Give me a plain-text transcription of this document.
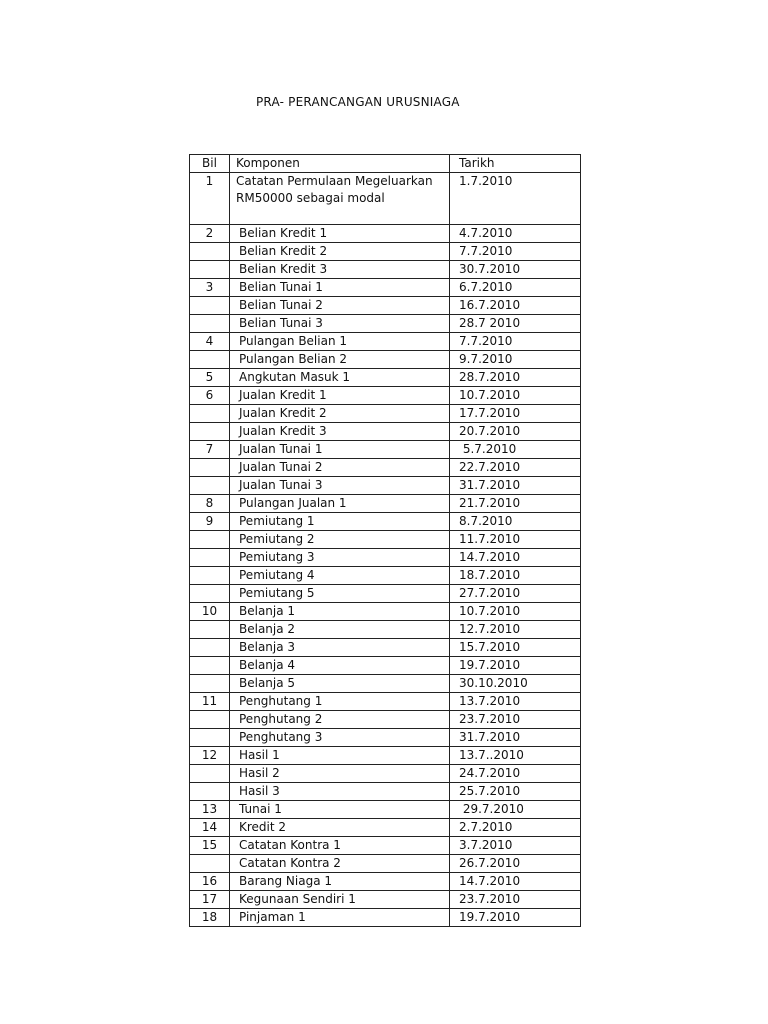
PRA- PERANCANGAN URUSNIAGA
Bil	Komponen	Tarikh
1	Catatan Permulaan Megeluarkan RM50000 sebagai modal	1.7.2010
2	Belian Kredit 1	4.7.2010
	Belian Kredit 2	7.7.2010
	Belian Kredit 3	30.7.2010
3	Belian Tunai 1	6.7.2010
	Belian Tunai 2	16.7.2010
	Belian Tunai 3	28.7 2010
4	Pulangan Belian 1	7.7.2010
	Pulangan Belian 2	9.7.2010
5	Angkutan Masuk 1	28.7.2010
6	Jualan Kredit 1	10.7.2010
	Jualan Kredit 2	17.7.2010
	Jualan Kredit 3	20.7.2010
7	Jualan Tunai 1	5.7.2010
	Jualan Tunai 2	22.7.2010
	Jualan Tunai 3	31.7.2010
8	Pulangan Jualan 1	21.7.2010
9	Pemiutang 1	8.7.2010
	Pemiutang 2	11.7.2010
	Pemiutang 3	14.7.2010
	Pemiutang 4	18.7.2010
	Pemiutang 5	27.7.2010
10	Belanja 1	10.7.2010
	Belanja 2	12.7.2010
	Belanja 3	15.7.2010
	Belanja 4	19.7.2010
	Belanja 5	30.10.2010
11	Penghutang 1	13.7.2010
	Penghutang 2	23.7.2010
	Penghutang 3	31.7.2010
12	Hasil 1	13.7..2010
	Hasil 2	24.7.2010
	Hasil 3	25.7.2010
13	Tunai 1	29.7.2010
14	Kredit 2	2.7.2010
15	Catatan Kontra 1	3.7.2010
	Catatan Kontra 2	26.7.2010
16	Barang Niaga 1	14.7.2010
17	Kegunaan Sendiri 1	23.7.2010
18	Pinjaman 1	19.7.2010
